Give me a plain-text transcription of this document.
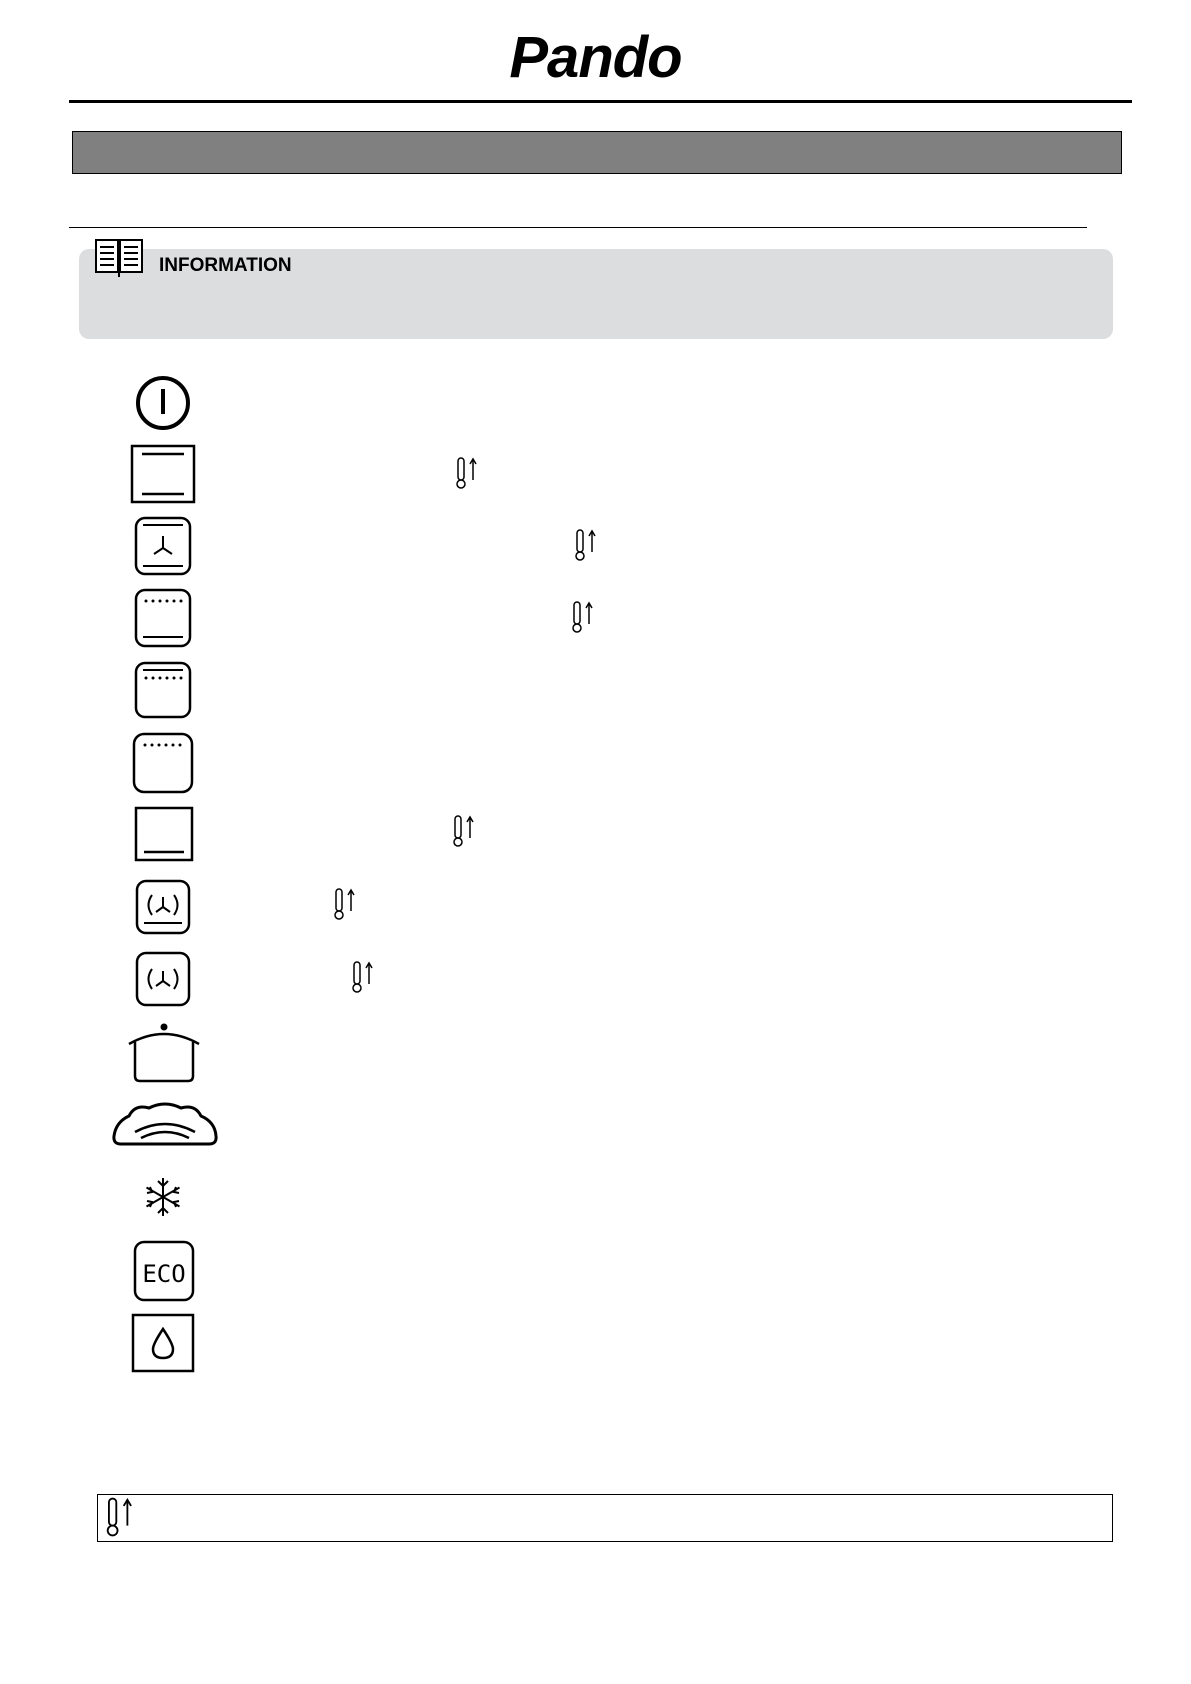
Pando
INFORMATION
ECO
